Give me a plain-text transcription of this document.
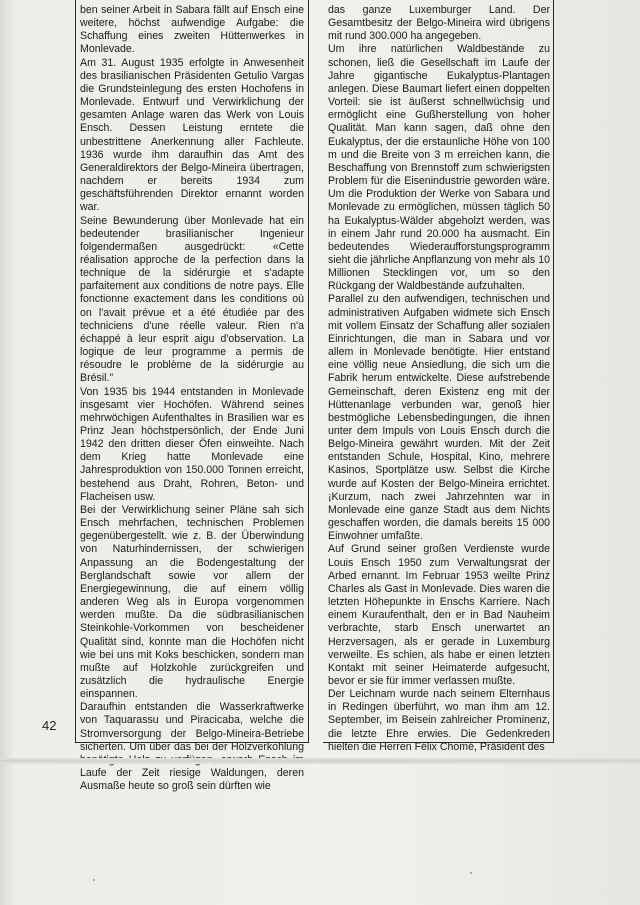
ben seiner Arbeit in Sabara fällt auf Ensch eine weitere, höchst aufwendige Aufgabe: die Schaffung eines zweiten Hüttenwerkes in Monlevade.

Am 31. August 1935 erfolgte in Anwesenheit des brasilianischen Präsidenten Getulio Vargas die Grundsteinlegung des ersten Hochofens in Monlevade. Entwurf und Verwirklichung der gesamten Anlage waren das Werk von Louis Ensch. Dessen Leistung erntete die unbestrittene Anerkennung aller Fachleute. 1936 wurde ihm daraufhin das Amt des Generaldirektors der Belgo-Mineira übertragen, nachdem er bereits 1934 zum geschäftsführenden Direktor ernannt worden war.

Seine Bewunderung über Monlevade hat ein bedeutender brasilianischer Ingenieur folgendermaßen ausgedrückt: «Cette réalisation approche de la perfection dans la technique de la sidérurgie et s'adapte parfaitement aux conditions de notre pays. Elle fonctionne exactement dans les conditions où on l'avait prévue et a été étudiée par des techniciens d'une réelle valeur. Rien n'a échappé à leur esprit aigu d'observation. La logique de leur programme a permis de résoudre le problème de la sidérurgie au Brésil."

Von 1935 bis 1944 entstanden in Monlevade insgesamt vier Hochöfen. Während seines mehrwöchigen Aufenthaltes in Brasilien war es Prinz Jean höchstpersönlich, der Ende Juni 1942 den dritten dieser Öfen einweihte. Nach dem Krieg hatte Monlevade eine Jahresproduktion von 150.000 Tonnen erreicht, bestehend aus Draht, Rohren, Beton- und Flacheisen usw.

Bei der Verwirklichung seiner Pläne sah sich Ensch mehrfachen, technischen Problemen gegenübergestellt. wie z. B. der Überwindung von Naturhindernissen, der schwierigen Anpassung an die Bodengestaltung der Berglandschaft sowie vor allem der Energiegewinnung, die auf einem völlig anderen Weg als in Europa vorgenommen werden mußte. Da die südbrasilianischen Steinkohle-Vorkommen von bescheidener Qualität sind, konnte man die Hochöfen nicht wie bei uns mit Koks beschicken, sondern man mußte auf Holzkohle zurückgreifen und zusätzlich die hydraulische Energie einspannen.

Daraufhin entstanden die Wasserkraftwerke von Taquarassu und Piracicaba, welche die Stromversorgung der Belgo-Mineira-Betriebe sicherten. Um über das bei der Holzverkohlung Laufe der Zeit riesige Waldungen, deren Ausmaße heute so groß sein dürften wie

das ganze Luxemburger Land. Der Gesamtbesitz der Belgo-Mineira wird übrigens mit rund 300.000 ha angegeben.

Um ihre natürlichen Waldbestände zu schonen, ließ die Gesellschaft im Laufe der Jahre gigantische Eukalyptus-Plantagen anlegen. Diese Baumart liefert einen doppelten Vorteil: sie ist äußerst schnellwüchsig und ermöglicht eine Gußherstellung von hoher Qualität. Man kann sagen, daß ohne den Eukalyptus, der die erstaunliche Höhe von 100 m und die Breite von 3 m erreichen kann, die Beschaffung von Brennstoff zum schwierigsten Problem für die Eisenindustrie geworden wäre. Um die Produktion der Werke von Sabara und Monlevade zu ermöglichen, müssen täglich 50 ha Eukalyptus-Wälder abgeholzt werden, was in einem Jahr rund 20.000 ha ausmacht. Ein bedeutendes Wiederaufforstungsprogramm sieht die jährliche Anpflanzung von mehr als 10 Millionen Stecklingen vor, um so den Rückgang der Waldbestände aufzuhalten.

Parallel zu den aufwendigen, technischen und administrativen Aufgaben widmete sich Ensch mit vollem Einsatz der Schaffung aller sozialen Einrichtungen, die man in Sabara und vor allem in Monlevade benötigte. Hier entstand eine völlig neue Ansiedlung, die sich um die Fabrik herum entwickelte. Diese aufstrebende Gemeinschaft, deren Existenz eng mit der Hüttenanlage verbunden war, genoß hier bestmögliche Lebensbedingungen, die ihnen unter dem Impuls von Louis Ensch durch die Belgo-Mineira gewährt wurden. Mit der Zeit entstanden Schule, Hospital, Kino, mehrere Kasinos, Sportplätze usw. Selbst die Kirche wurde auf Kosten der Belgo-Mineira errichtet. ¡Kurzum, nach zwei Jahrzehnten war in Monlevade eine ganze Stadt aus dem Nichts geschaffen worden, die damals bereits 15 000 Einwohner umfaßte.

Auf Grund seiner großen Verdienste wurde Louis Ensch 1950 zum Verwaltungsrat der Arbed ernannt. Im Februar 1953 weilte Prinz Charles als Gast in Monlevade. Dies waren die letzten Höhepunkte in Enschs Karriere. Nach einem Kuraufenthalt, den er in Bad Nauheim verbrachte, starb Ensch unerwartet an Herzversagen, als er gerade in Luxemburg verweilte. Es schien, als habe er einen letzten Kontakt mit seiner Heimaterde aufgesucht, bevor er sie für immer verlassen mußte.

Der Leichnam wurde nach seinem Elternhaus in Redingen überführt, wo man ihm am 12. September, im Beisein zahlreicher Prominenz, die letzte Ehre erwies. Die Gedenkreden hielten die Herren Félix Chomé, Präsident des

42
